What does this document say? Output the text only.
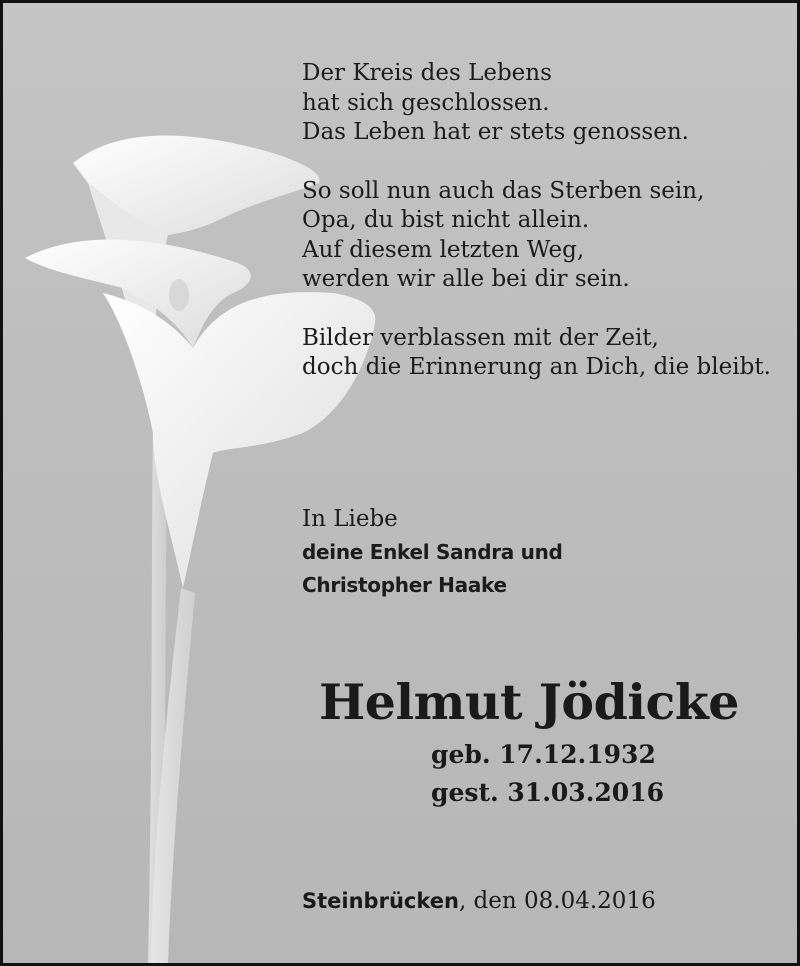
Der Kreis des Lebens
hat sich geschlossen.
Das Leben hat er stets genossen.
So soll nun auch das Sterben sein,
Opa, du bist nicht allein.
Auf diesem letzten Weg,
werden wir alle bei dir sein.
Bilder verblassen mit der Zeit,
doch die Erinnerung an Dich, die bleibt.
In Liebe
deine Enkel Sandra und
Christopher Haake
Helmut Jödicke
geb. 17.12.1932
gest. 31.03.2016
Steinbrücken, den 08.04.2016
